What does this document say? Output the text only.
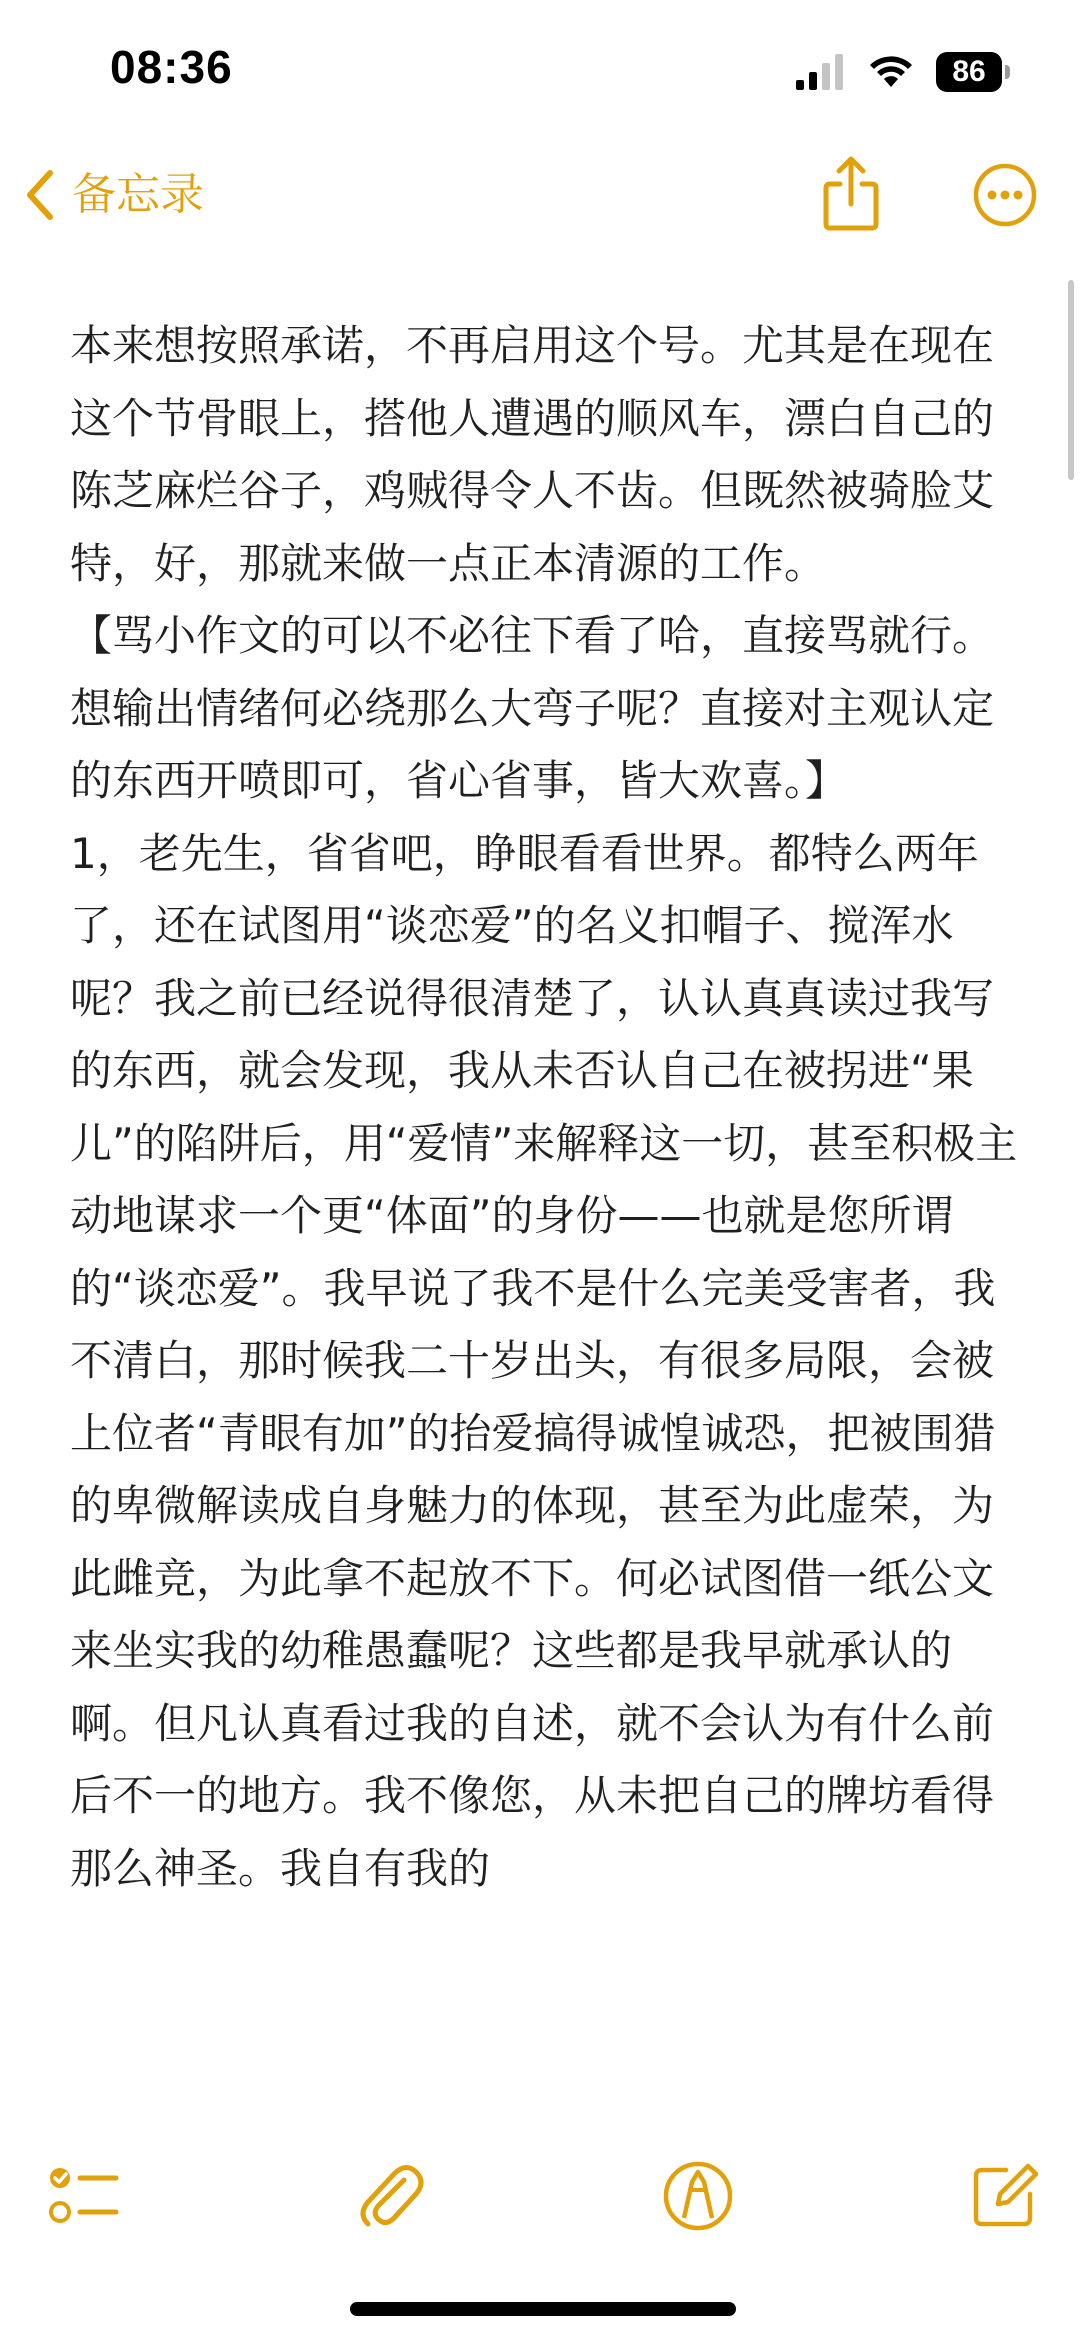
08:36	86
备忘录

本来想按照承诺，不再启用这个号。尤其是在现在这个节骨眼上，搭他人遭遇的顺风车，漂白自己的陈芝麻烂谷子，鸡贼得令人不齿。但既然被骑脸艾特，好，那就来做一点正本清源的工作。

【骂小作文的可以不必往下看了哈，直接骂就行。想输出情绪何必绕那么大弯子呢？直接对主观认定的东西开喷即可，省心省事，皆大欢喜。】

1，老先生，省省吧，睁眼看看世界。都特么两年了，还在试图用“谈恋爱”的名义扣帽子、搅浑水呢？我之前已经说得很清楚了，认认真真读过我写的东西，就会发现，我从未否认自己在被拐进“果儿”的陷阱后，用“爱情”来解释这一切，甚至积极主动地谋求一个更“体面”的身份——也就是您所谓的“谈恋爱”。我早说了我不是什么完美受害者，我不清白，那时候我二十岁出头，有很多局限，会被上位者“青眼有加”的抬爱搞得诚惶诚恐，把被围猎的卑微解读成自身魅力的体现，甚至为此虚荣，为此雌竞，为此拿不起放不下。何必试图借一纸公文来坐实我的幼稚愚蠢呢？这些都是我早就承认的啊。但凡认真看过我的自述，就不会认为有什么前后不一的地方。我不像您，从未把自己的牌坊看得那么神圣。我自有我的
